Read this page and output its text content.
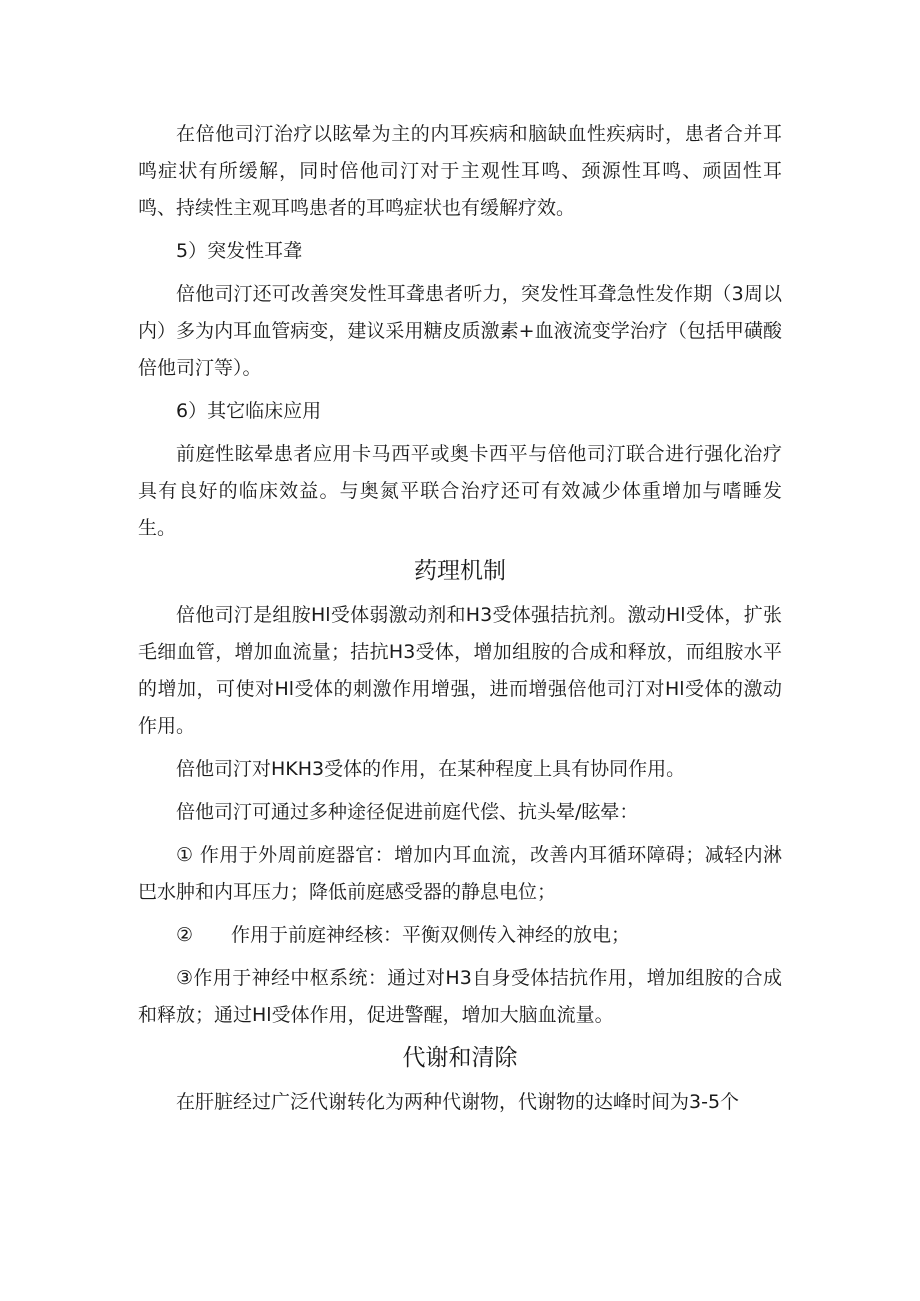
在倍他司汀治疗以眩晕为主的内耳疾病和脑缺血性疾病时，患者合并耳鸣症状有所缓解，同时倍他司汀对于主观性耳鸣、颈源性耳鸣、顽固性耳鸣、持续性主观耳鸣患者的耳鸣症状也有缓解疗效。

5）突发性耳聋

倍他司汀还可改善突发性耳聋患者听力，突发性耳聋急性发作期（3周以内）多为内耳血管病变，建议采用糖皮质激素+血液流变学治疗（包括甲磺酸倍他司汀等）。

6）其它临床应用

前庭性眩晕患者应用卡马西平或奥卡西平与倍他司汀联合进行强化治疗具有良好的临床效益。与奥氮平联合治疗还可有效减少体重增加与嗜睡发生。

药理机制

倍他司汀是组胺Hl受体弱激动剂和H3受体强拮抗剂。激动Hl受体，扩张毛细血管，增加血流量；拮抗H3受体，增加组胺的合成和释放，而组胺水平的增加，可使对Hl受体的刺激作用增强，进而增强倍他司汀对Hl受体的激动作用。

倍他司汀对HKH3受体的作用，在某种程度上具有协同作用。

倍他司汀可通过多种途径促进前庭代偿、抗头晕/眩晕：

① 作用于外周前庭器官：增加内耳血流，改善内耳循环障碍；减轻内淋巴水肿和内耳压力；降低前庭感受器的静息电位；

② 作用于前庭神经核：平衡双侧传入神经的放电；

③作用于神经中枢系统：通过对H3自身受体拮抗作用，增加组胺的合成和释放；通过Hl受体作用，促进警醒，增加大脑血流量。

代谢和清除

在肝脏经过广泛代谢转化为两种代谢物，代谢物的达峰时间为3-5个
